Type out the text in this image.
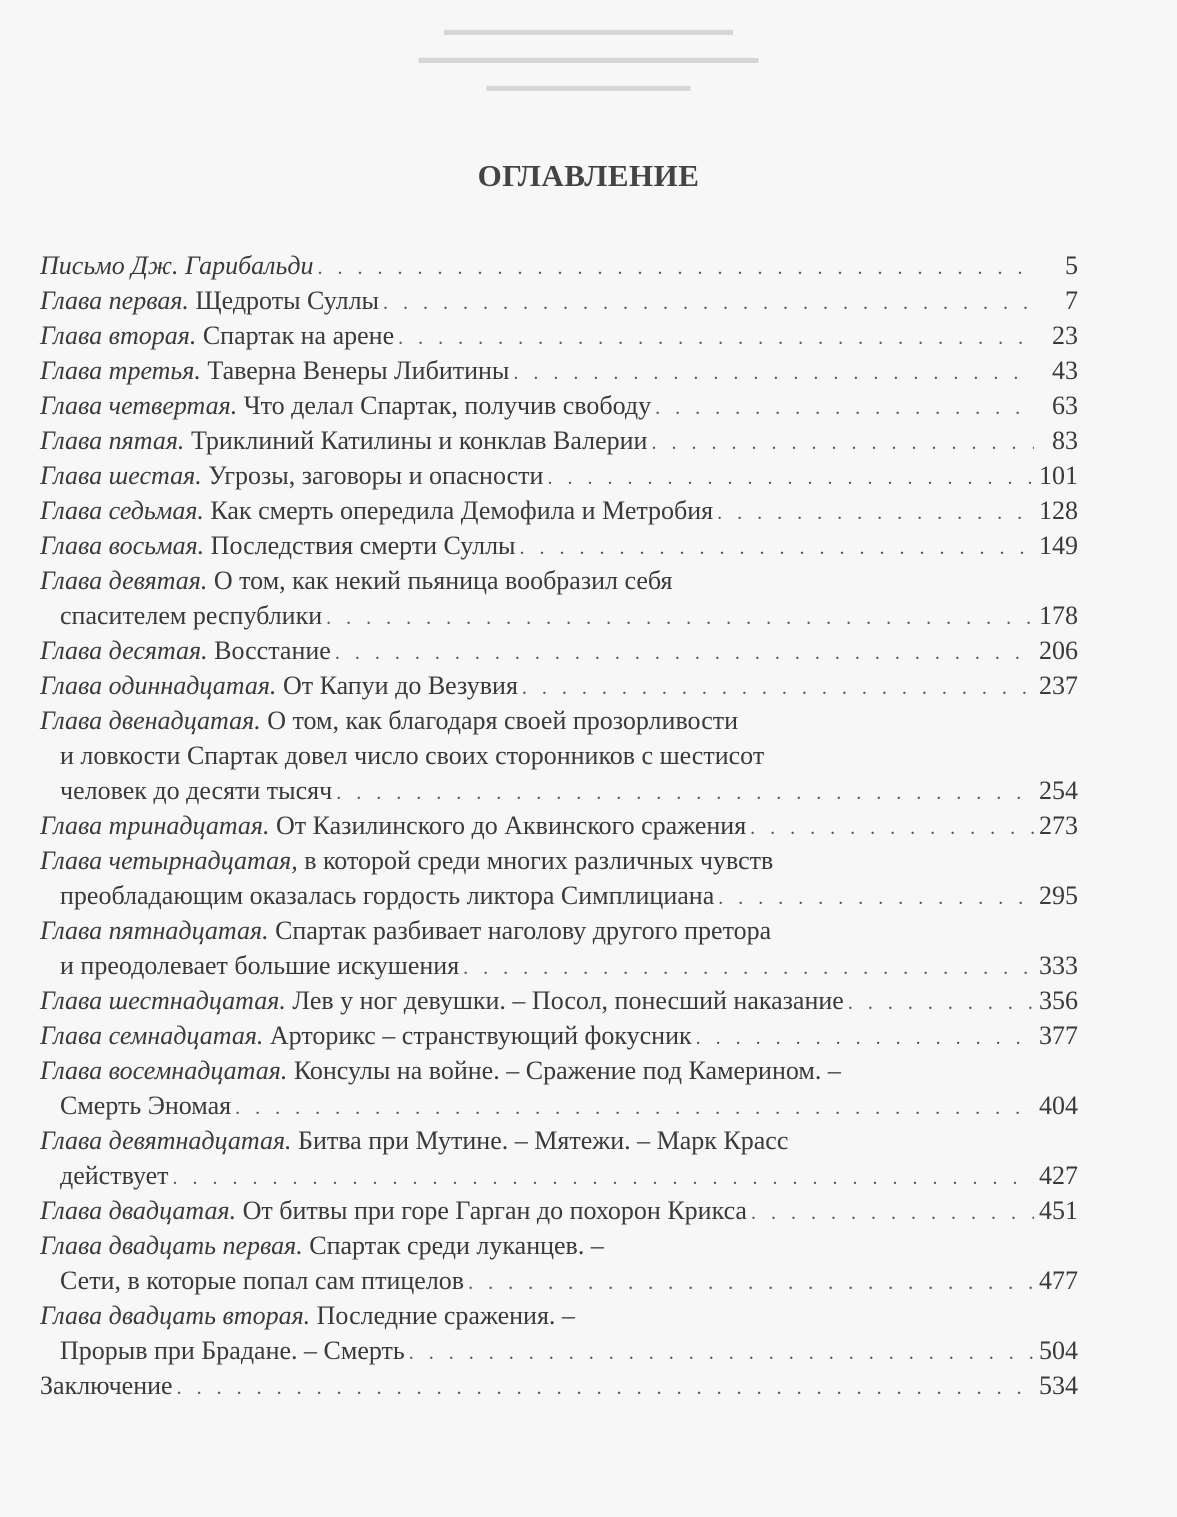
▬▬▬▬▬▬▬▬▬▬▬▬▬▬▬▬▬
▬▬▬▬▬▬▬▬▬▬▬▬▬▬▬▬▬▬▬▬
▬▬▬▬▬▬▬▬▬▬▬▬
ОГЛАВЛЕНИЕ
Письмо Дж. Гарибальди . . .	5
Глава первая. Щедроты Суллы . . .	7
Глава вторая. Спартак на арене . . .	23
Глава третья. Таверна Венеры Либитины . . .	43
Глава четвертая. Что делал Спартак, получив свободу . . .	63
Глава пятая. Триклиний Катилины и конклав Валерии . . .	83
Глава шестая. Угрозы, заговоры и опасности . . .	101
Глава седьмая. Как смерть опередила Демофила и Метробия . . .	128
Глава восьмая. Последствия смерти Суллы . . .	149
Глава девятая. О том, как некий пьяница вообразил себя
спасителем республики . . .	178
Глава десятая. Восстание . . .	206
Глава одиннадцатая. От Капуи до Везувия . . .	237
Глава двенадцатая. О том, как благодаря своей прозорливости
и ловкости Спартак довел число своих сторонников с шестисот
человек до десяти тысяч . . .	254
Глава тринадцатая. От Казилинского до Аквинского сражения . . .	273
Глава четырнадцатая, в которой среди многих различных чувств
преобладающим оказалась гордость ликтора Симплициана . . .	295
Глава пятнадцатая. Спартак разбивает наголову другого претора
и преодолевает большие искушения . . .	333
Глава шестнадцатая. Лев у ног девушки. – Посол, понесший наказание . . .	356
Глава семнадцатая. Арторикс – странствующий фокусник . . .	377
Глава восемнадцатая. Консулы на войне. – Сражение под Камерином. –
Смерть Эномая . . .	404
Глава девятнадцатая. Битва при Мутине. – Мятежи. – Марк Красс
действует . . .	427
Глава двадцатая. От битвы при горе Гарган до похорон Крикса . . .	451
Глава двадцать первая. Спартак среди луканцев. –
Сети, в которые попал сам птицелов . . .	477
Глава двадцать вторая. Последние сражения. –
Прорыв при Брадане. – Смерть . . .	504
Заключение . . .	534
